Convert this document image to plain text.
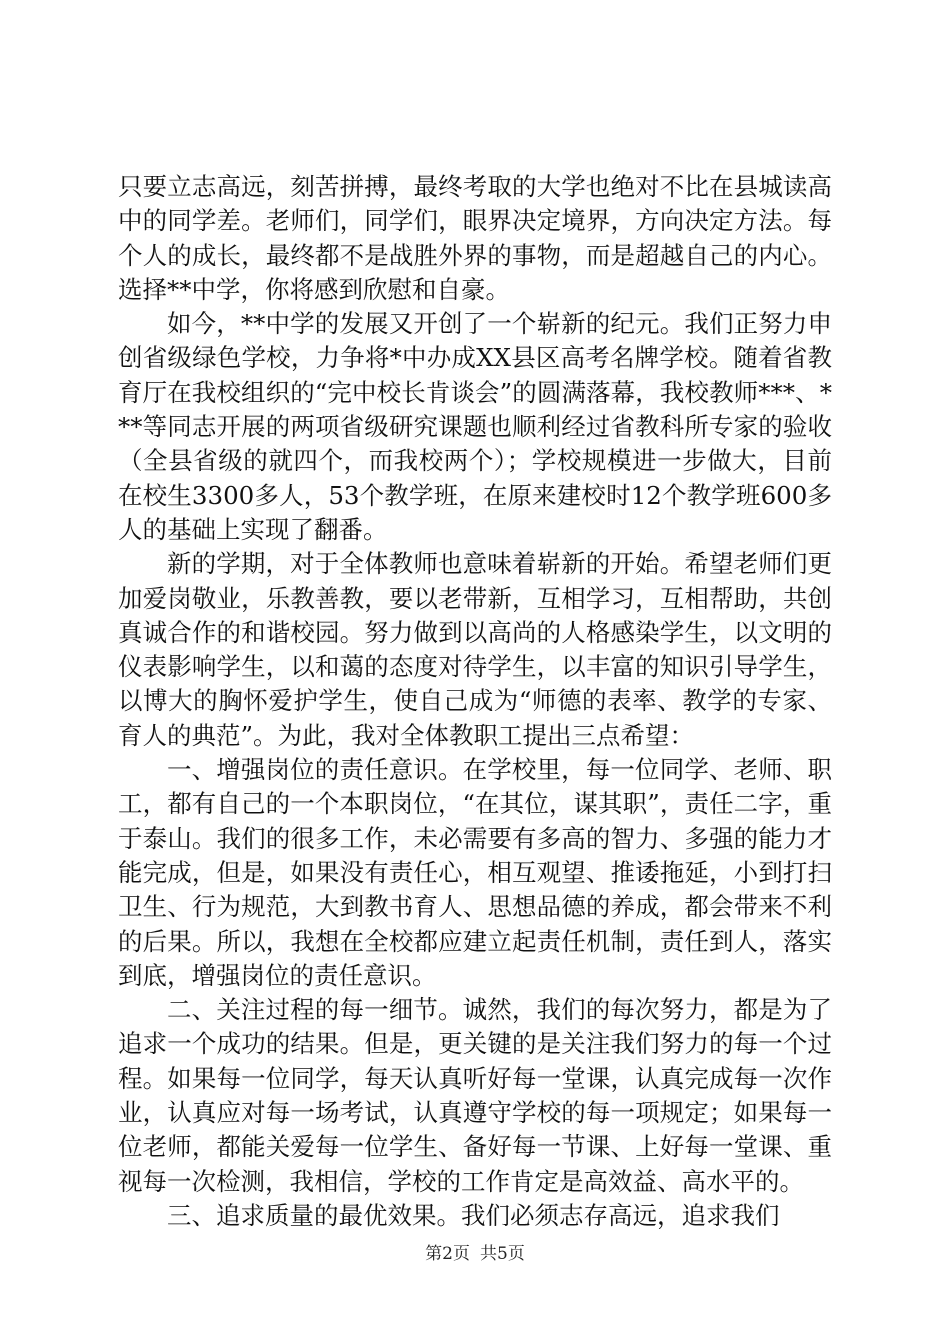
只要立志高远，刻苦拼搏，最终考取的大学也绝对不比在县城读高中的同学差。老师们，同学们，眼界决定境界，方向决定方法。每个人的成长，最终都不是战胜外界的事物，而是超越自己的内心。选择**中学，你将感到欣慰和自豪。

如今，**中学的发展又开创了一个崭新的纪元。我们正努力申创省级绿色学校，力争将*中办成XX县区高考名牌学校。随着省教育厅在我校组织的“完中校长肯谈会”的圆满落幕，我校教师***、***等同志开展的两项省级研究课题也顺利经过省教科所专家的验收（全县省级的就四个，而我校两个）；学校规模进一步做大，目前在校生3300多人，53个教学班，在原来建校时12个教学班600多人的基础上实现了翻番。

新的学期，对于全体教师也意味着崭新的开始。希望老师们更加爱岗敬业，乐教善教，要以老带新，互相学习，互相帮助，共创真诚合作的和谐校园。努力做到以高尚的人格感染学生，以文明的仪表影响学生，以和蔼的态度对待学生，以丰富的知识引导学生，以博大的胸怀爱护学生，使自己成为“师德的表率、教学的专家、育人的典范”。为此，我对全体教职工提出三点希望：

一、增强岗位的责任意识。在学校里，每一位同学、老师、职工，都有自己的一个本职岗位，“在其位，谋其职”，责任二字，重于泰山。我们的很多工作，未必需要有多高的智力、多强的能力才能完成，但是，如果没有责任心，相互观望、推诿拖延，小到打扫卫生、行为规范，大到教书育人、思想品德的养成，都会带来不利的后果。所以，我想在全校都应建立起责任机制，责任到人，落实到底，增强岗位的责任意识。

二、关注过程的每一细节。诚然，我们的每次努力，都是为了追求一个成功的结果。但是，更关键的是关注我们努力的每一个过程。如果每一位同学，每天认真听好每一堂课，认真完成每一次作业，认真应对每一场考试，认真遵守学校的每一项规定；如果每一位老师，都能关爱每一位学生、备好每一节课、上好每一堂课、重视每一次检测，我相信，学校的工作肯定是高效益、高水平的。

三、追求质量的最优效果。我们必须志存高远，追求我们

第2页 共5页
